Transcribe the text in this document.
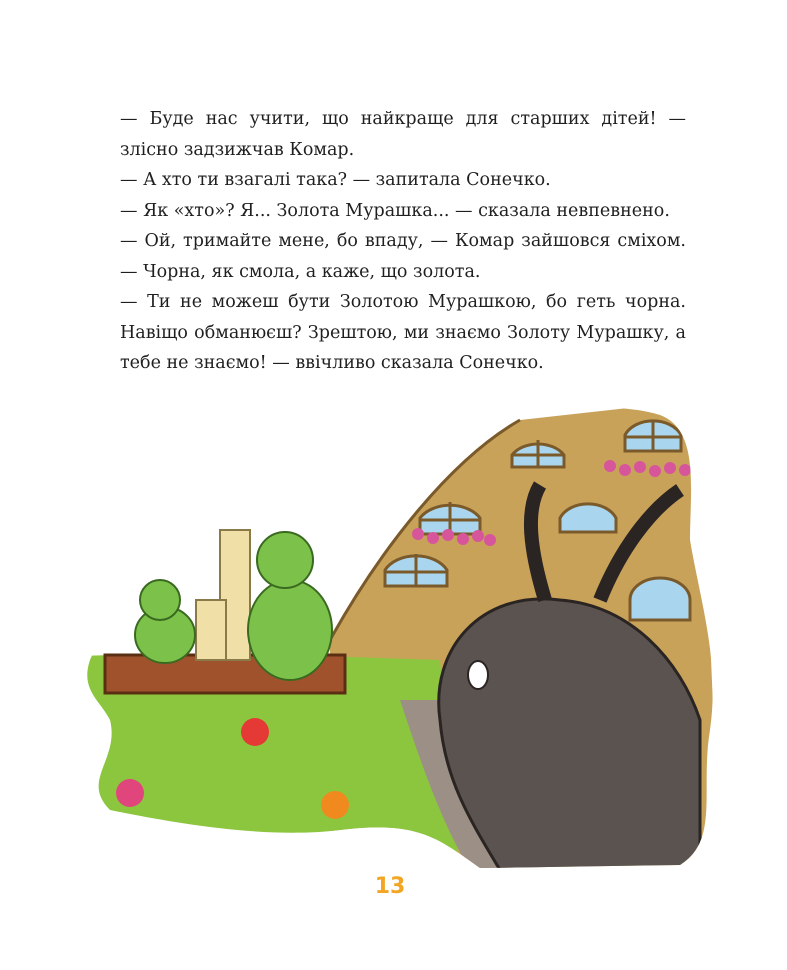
— Буде нас учити, що найкраще для старших дітей! — злісно задзижчав Комар.

— А хто ти взагалі така? — запитала Сонечко.

— Як «хто»? Я... Золота Мурашка... — сказала невпевнено.

— Ой, тримайте мене, бо впаду, — Комар зайшовся сміхом. — Чорна, як смола, а каже, що золота.

— Ти не можеш бути Золотою Мурашкою, бо геть чорна. Навіщо обманюєш? Зрештою, ми знаємо Золоту Мурашку, а тебе не знаємо! — ввічливо сказала Сонечко.

13
